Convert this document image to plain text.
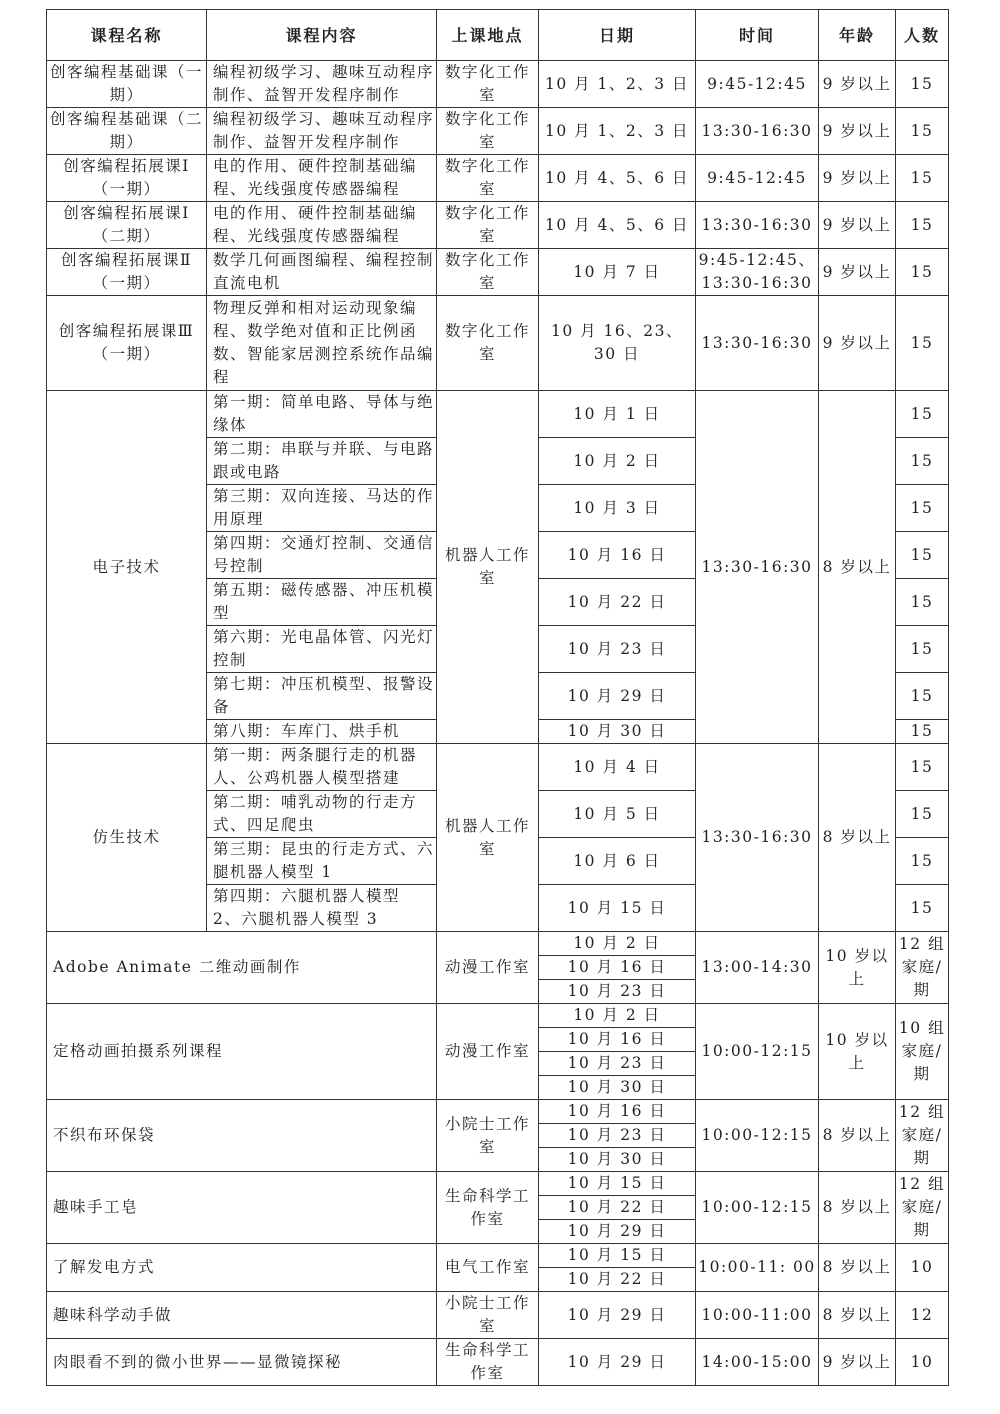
课程名称	课程内容	上课地点	日期	时间	年龄	人数
创客编程基础课（一期）	编程初级学习、趣味互动程序制作、益智开发程序制作	数字化工作室	10 月 1、2、3 日	9:45-12:45	9 岁以上	15
创客编程基础课（二期）	编程初级学习、趣味互动程序制作、益智开发程序制作	数字化工作室	10 月 1、2、3 日	13:30-16:30	9 岁以上	15
创客编程拓展课Ⅰ（一期）	电的作用、硬件控制基础编程、光线强度传感器编程	数字化工作室	10 月 4、5、6 日	9:45-12:45	9 岁以上	15
创客编程拓展课Ⅰ（二期）	电的作用、硬件控制基础编程、光线强度传感器编程	数字化工作室	10 月 4、5、6 日	13:30-16:30	9 岁以上	15
创客编程拓展课Ⅱ（一期）	数学几何画图编程、编程控制直流电机	数字化工作室	10 月 7 日	9:45-12:45、13:30-16:30	9 岁以上	15
创客编程拓展课Ⅲ（一期）	物理反弹和相对运动现象编程、数学绝对值和正比例函数、智能家居测控系统作品编程	数字化工作室	10 月 16、23、30 日	13:30-16:30	9 岁以上	15
电子技术	第一期：简单电路、导体与绝缘体	机器人工作室	10 月 1 日	13:30-16:30	8 岁以上	15
	第二期：串联与并联、与电路跟或电路		10 月 2 日			15
	第三期：双向连接、马达的作用原理		10 月 3 日			15
	第四期：交通灯控制、交通信号控制		10 月 16 日			15
	第五期：磁传感器、冲压机模型		10 月 22 日			15
	第六期：光电晶体管、闪光灯控制		10 月 23 日			15
	第七期：冲压机模型、报警设备		10 月 29 日			15
	第八期：车库门、烘手机		10 月 30 日			15
仿生技术	第一期：两条腿行走的机器人、公鸡机器人模型搭建	机器人工作室	10 月 4 日	13:30-16:30	8 岁以上	15
	第二期：哺乳动物的行走方式、四足爬虫		10 月 5 日			15
	第三期：昆虫的行走方式、六腿机器人模型 1		10 月 6 日			15
	第四期：六腿机器人模型 2、六腿机器人模型 3		10 月 15 日			15
Adobe Animate 二维动画制作		动漫工作室	10 月 2 日	13:00-14:30	10 岁以上	12 组家庭/期
			10 月 16 日			
			10 月 23 日			
定格动画拍摄系列课程		动漫工作室	10 月 2 日	10:00-12:15	10 岁以上	10 组家庭/期
			10 月 16 日			
			10 月 23 日			
			10 月 30 日			
不织布环保袋		小院士工作室	10 月 16 日	10:00-12:15	8 岁以上	12 组家庭/期
			10 月 23 日			
			10 月 30 日			
趣味手工皂		生命科学工作室	10 月 15 日	10:00-12:15	8 岁以上	12 组家庭/期
			10 月 22 日			
			10 月 29 日			
了解发电方式		电气工作室	10 月 15 日	10:00-11: 00	8 岁以上	10
			10 月 22 日			
趣味科学动手做		小院士工作室	10 月 29 日	10:00-11:00	8 岁以上	12
肉眼看不到的微小世界——显微镜探秘		生命科学工作室	10 月 29 日	14:00-15:00	9 岁以上	10
